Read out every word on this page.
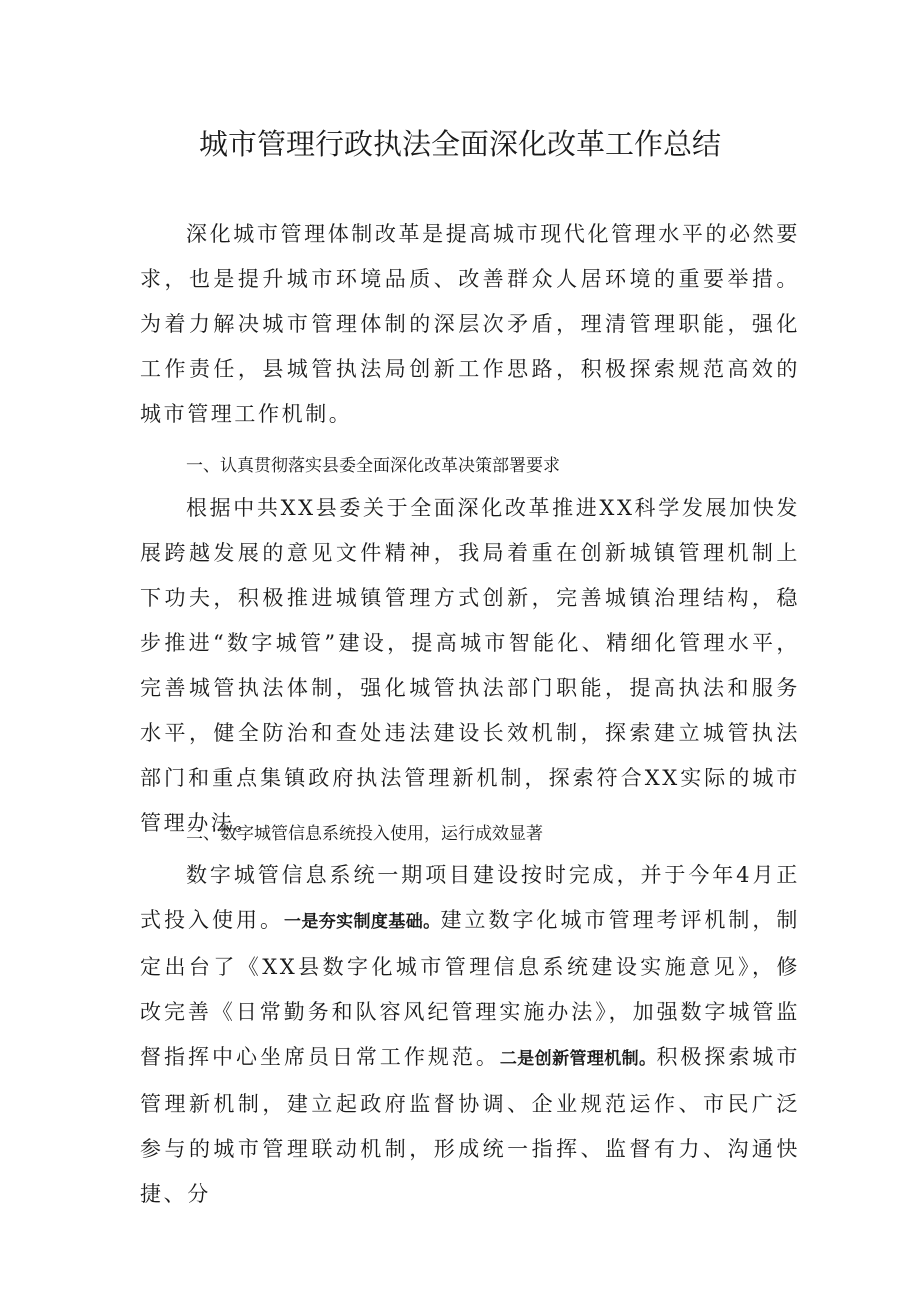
城市管理行政执法全面深化改革工作总结

深化城市管理体制改革是提高城市现代化管理水平的必然要求，也是提升城市环境品质、改善群众人居环境的重要举措。为着力解决城市管理体制的深层次矛盾，理清管理职能，强化工作责任，县城管执法局创新工作思路，积极探索规范高效的城市管理工作机制。

一、认真贯彻落实县委全面深化改革决策部署要求

根据中共XX县委关于全面深化改革推进XX科学发展加快发展跨越发展的意见文件精神，我局着重在创新城镇管理机制上下功夫，积极推进城镇管理方式创新，完善城镇治理结构，稳步推进“数字城管”建设，提高城市智能化、精细化管理水平，完善城管执法体制，强化城管执法部门职能，提高执法和服务水平，健全防治和查处违法建设长效机制，探索建立城管执法部门和重点集镇政府执法管理新机制，探索符合XX实际的城市管理办法。

二、数字城管信息系统投入使用，运行成效显著

数字城管信息系统一期项目建设按时完成，并于今年4月正式投入使用。一是夯实制度基础。建立数字化城市管理考评机制，制定出台了《XX县数字化城市管理信息系统建设实施意见》，修改完善《日常勤务和队容风纪管理实施办法》，加强数字城管监督指挥中心坐席员日常工作规范。二是创新管理机制。积极探索城市管理新机制，建立起政府监督协调、企业规范运作、市民广泛参与的城市管理联动机制，形成统一指挥、监督有力、沟通快捷、分
